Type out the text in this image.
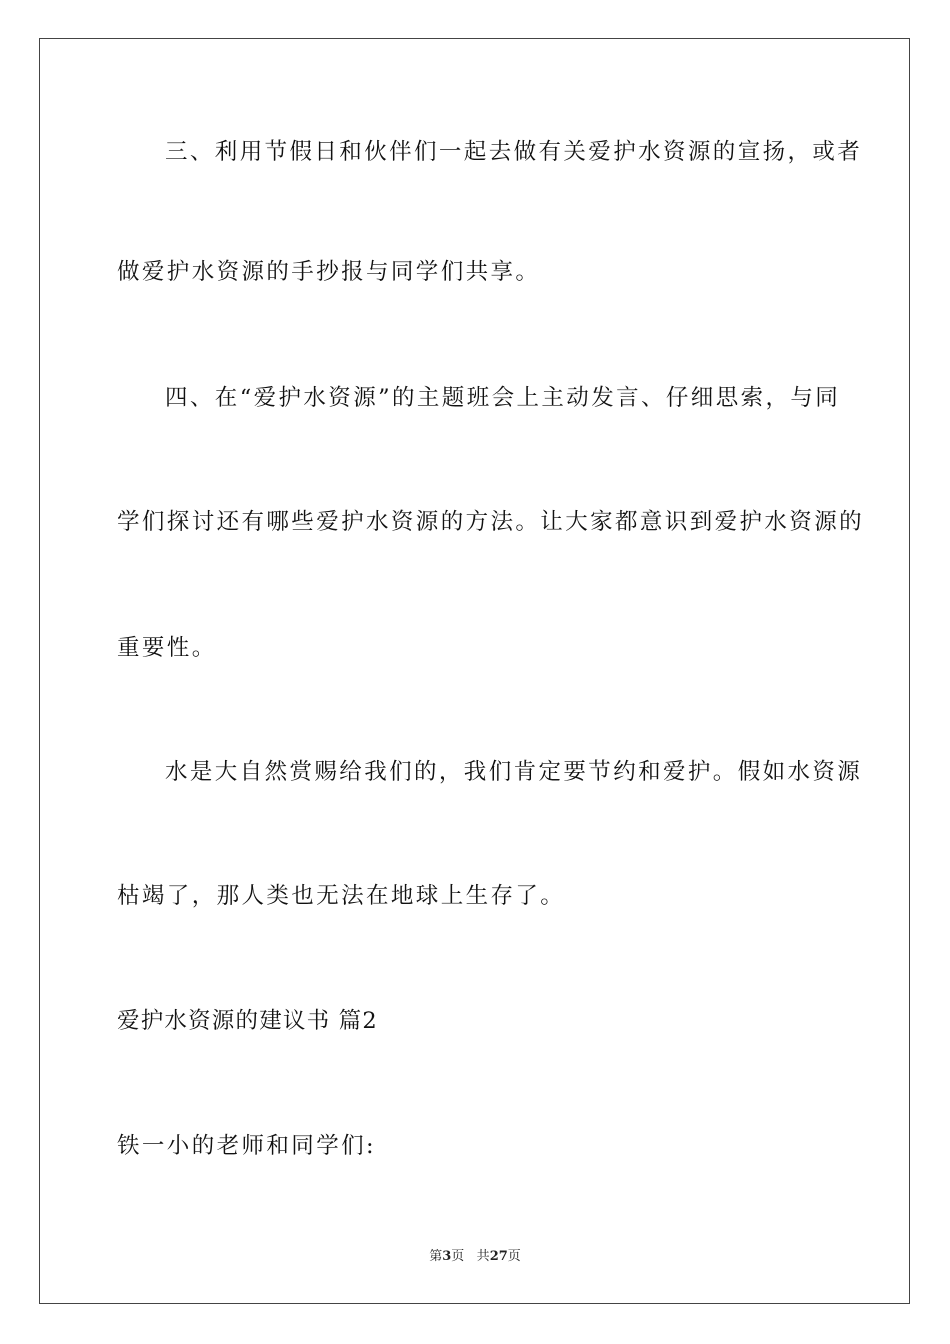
三、利用节假日和伙伴们一起去做有关爱护水资源的宣扬，或者
做爱护水资源的手抄报与同学们共享。
四、在“爱护水资源”的主题班会上主动发言、仔细思索，与同
学们探讨还有哪些爱护水资源的方法。让大家都意识到爱护水资源的
重要性。
水是大自然赏赐给我们的，我们肯定要节约和爱护。假如水资源
枯竭了，那人类也无法在地球上生存了。
爱护水资源的建议书 篇2
铁一小的老师和同学们:
第3页 共27页
